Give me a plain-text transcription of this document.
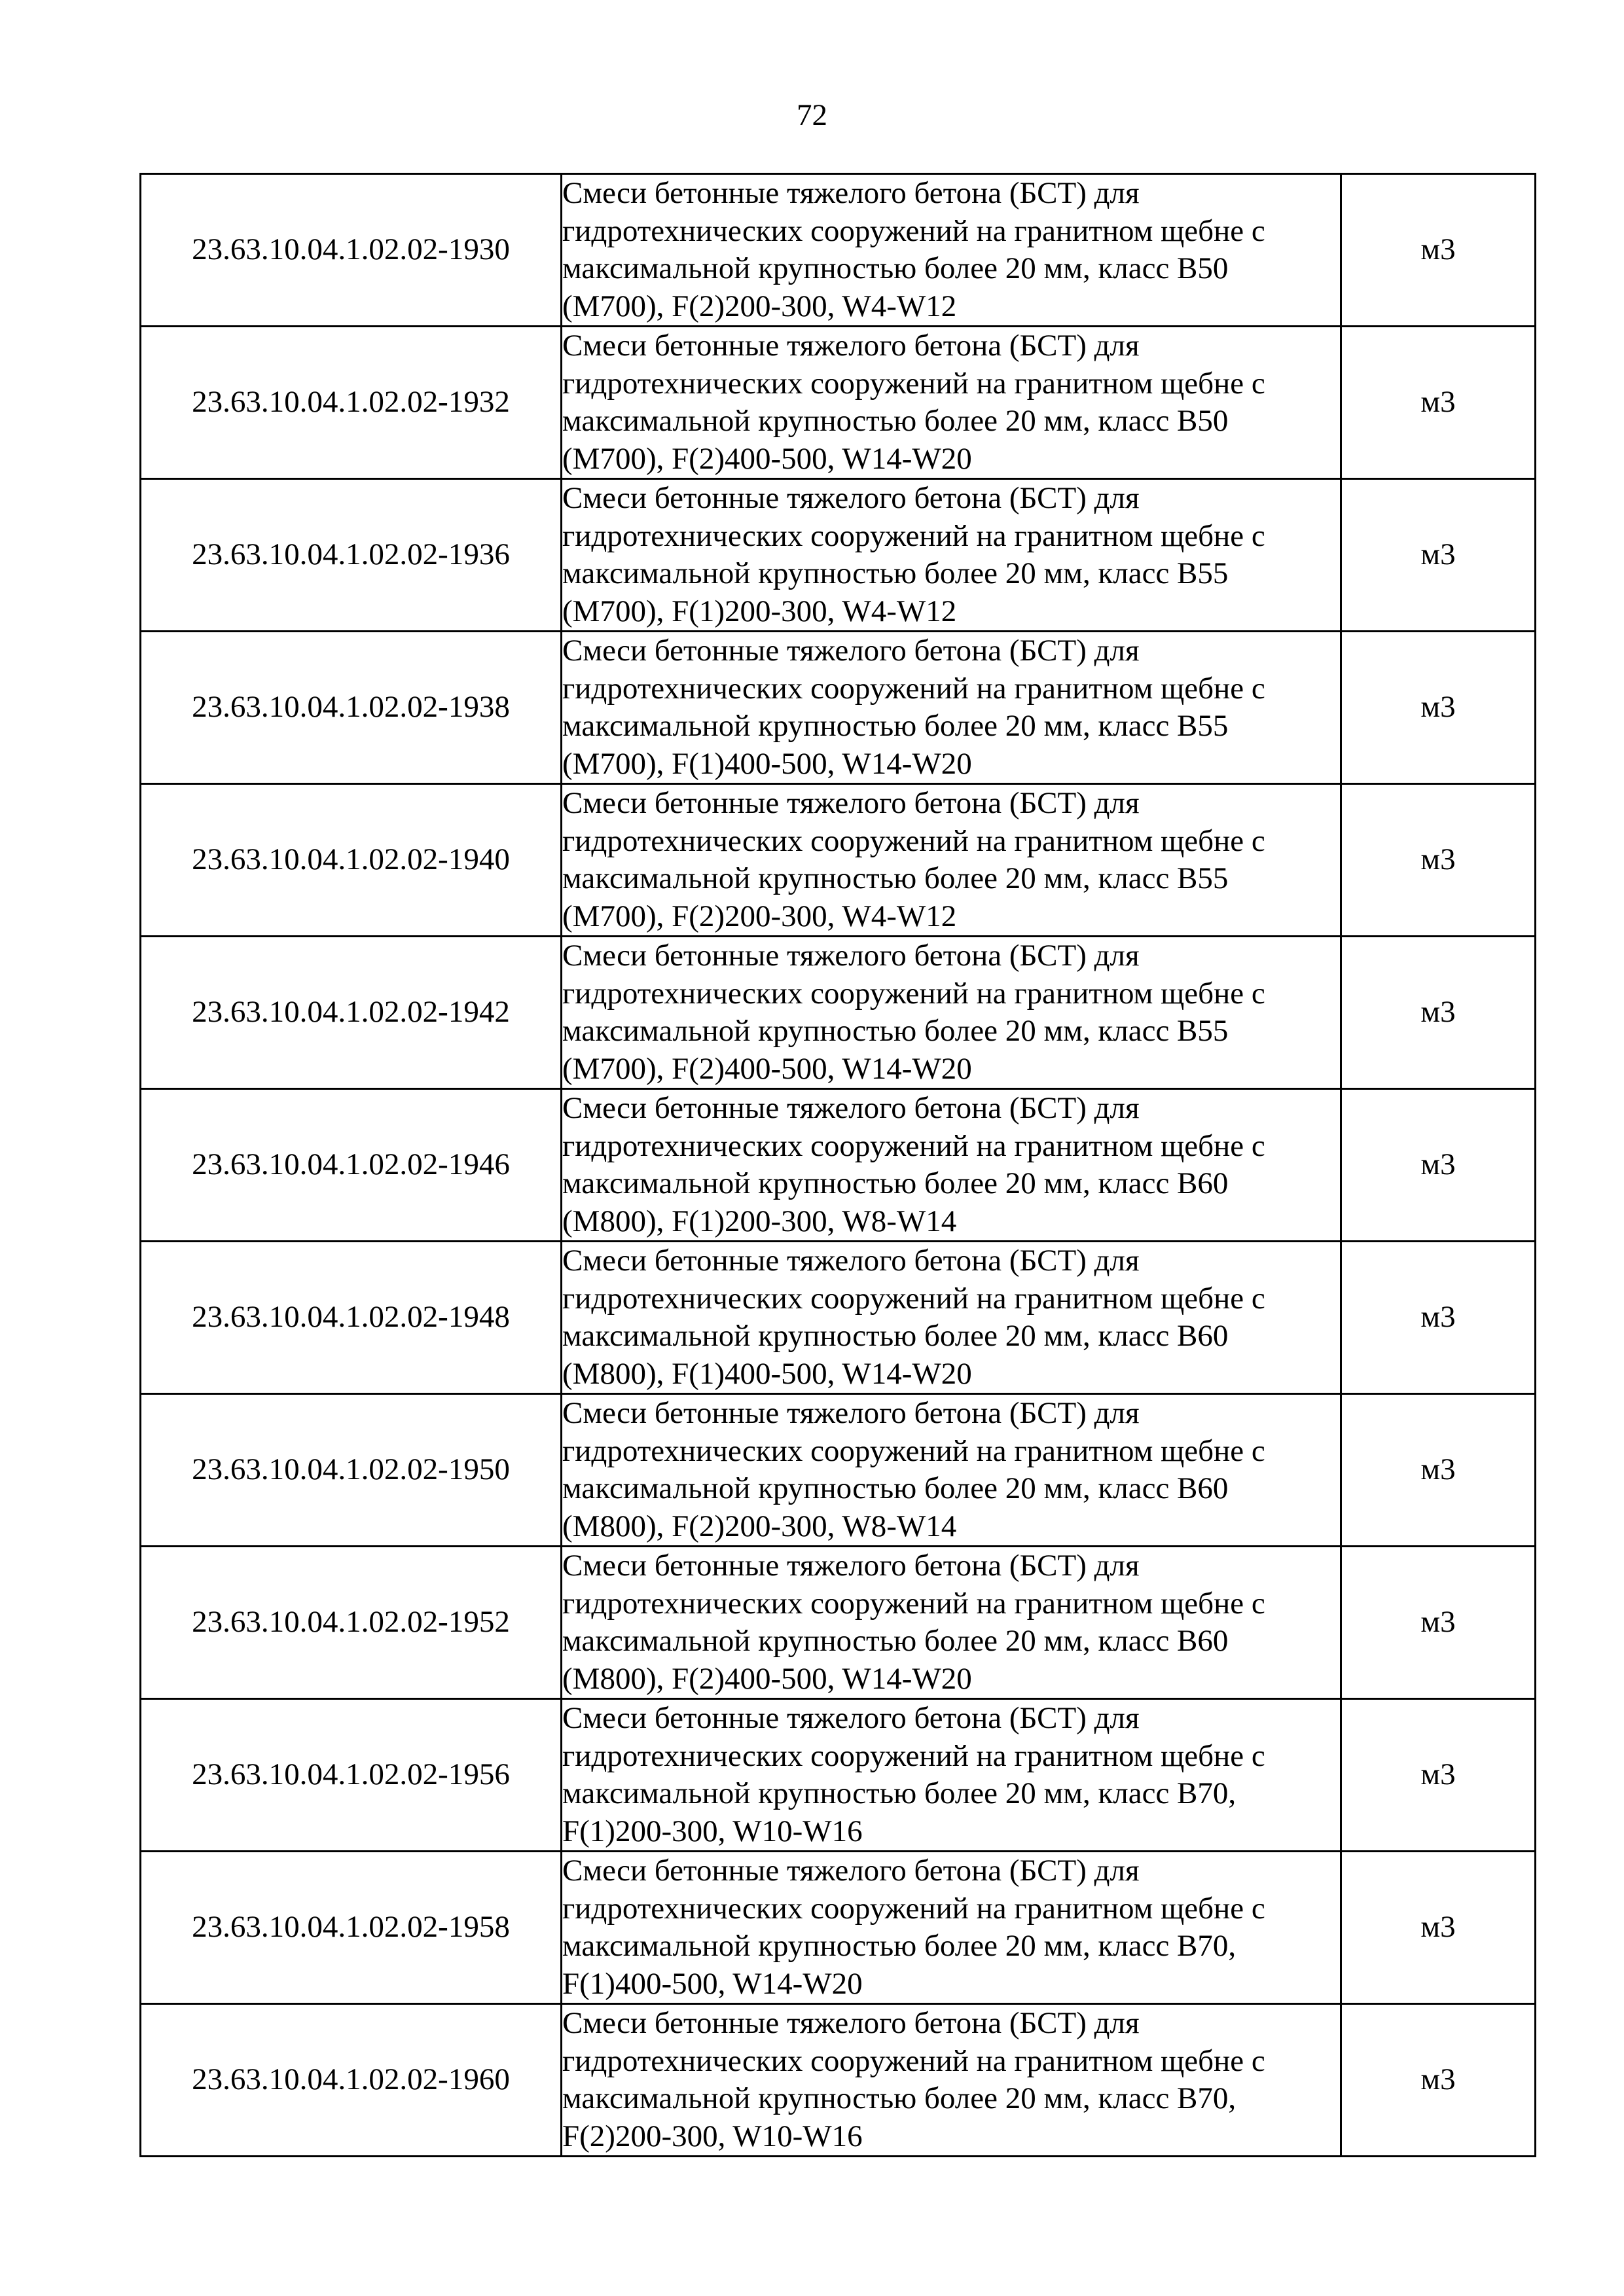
72
23.63.10.04.1.02.02-1930	Смеси бетонные тяжелого бетона (БСТ) для
гидротехнических сооружений на гранитном щебне с
максимальной крупностью более 20 мм, класс В50
(М700), F(2)200-300, W4-W12	м3
23.63.10.04.1.02.02-1932	Смеси бетонные тяжелого бетона (БСТ) для
гидротехнических сооружений на гранитном щебне с
максимальной крупностью более 20 мм, класс В50
(М700), F(2)400-500, W14-W20	м3
23.63.10.04.1.02.02-1936	Смеси бетонные тяжелого бетона (БСТ) для
гидротехнических сооружений на гранитном щебне с
максимальной крупностью более 20 мм, класс В55
(М700), F(1)200-300, W4-W12	м3
23.63.10.04.1.02.02-1938	Смеси бетонные тяжелого бетона (БСТ) для
гидротехнических сооружений на гранитном щебне с
максимальной крупностью более 20 мм, класс В55
(М700), F(1)400-500, W14-W20	м3
23.63.10.04.1.02.02-1940	Смеси бетонные тяжелого бетона (БСТ) для
гидротехнических сооружений на гранитном щебне с
максимальной крупностью более 20 мм, класс В55
(М700), F(2)200-300, W4-W12	м3
23.63.10.04.1.02.02-1942	Смеси бетонные тяжелого бетона (БСТ) для
гидротехнических сооружений на гранитном щебне с
максимальной крупностью более 20 мм, класс В55
(М700), F(2)400-500, W14-W20	м3
23.63.10.04.1.02.02-1946	Смеси бетонные тяжелого бетона (БСТ) для
гидротехнических сооружений на гранитном щебне с
максимальной крупностью более 20 мм, класс В60
(М800), F(1)200-300, W8-W14	м3
23.63.10.04.1.02.02-1948	Смеси бетонные тяжелого бетона (БСТ) для
гидротехнических сооружений на гранитном щебне с
максимальной крупностью более 20 мм, класс В60
(М800), F(1)400-500, W14-W20	м3
23.63.10.04.1.02.02-1950	Смеси бетонные тяжелого бетона (БСТ) для
гидротехнических сооружений на гранитном щебне с
максимальной крупностью более 20 мм, класс В60
(М800), F(2)200-300, W8-W14	м3
23.63.10.04.1.02.02-1952	Смеси бетонные тяжелого бетона (БСТ) для
гидротехнических сооружений на гранитном щебне с
максимальной крупностью более 20 мм, класс В60
(М800), F(2)400-500, W14-W20	м3
23.63.10.04.1.02.02-1956	Смеси бетонные тяжелого бетона (БСТ) для
гидротехнических сооружений на гранитном щебне с
максимальной крупностью более 20 мм, класс В70,
F(1)200-300, W10-W16	м3
23.63.10.04.1.02.02-1958	Смеси бетонные тяжелого бетона (БСТ) для
гидротехнических сооружений на гранитном щебне с
максимальной крупностью более 20 мм, класс В70,
F(1)400-500, W14-W20	м3
23.63.10.04.1.02.02-1960	Смеси бетонные тяжелого бетона (БСТ) для
гидротехнических сооружений на гранитном щебне с
максимальной крупностью более 20 мм, класс В70,
F(2)200-300, W10-W16	м3
